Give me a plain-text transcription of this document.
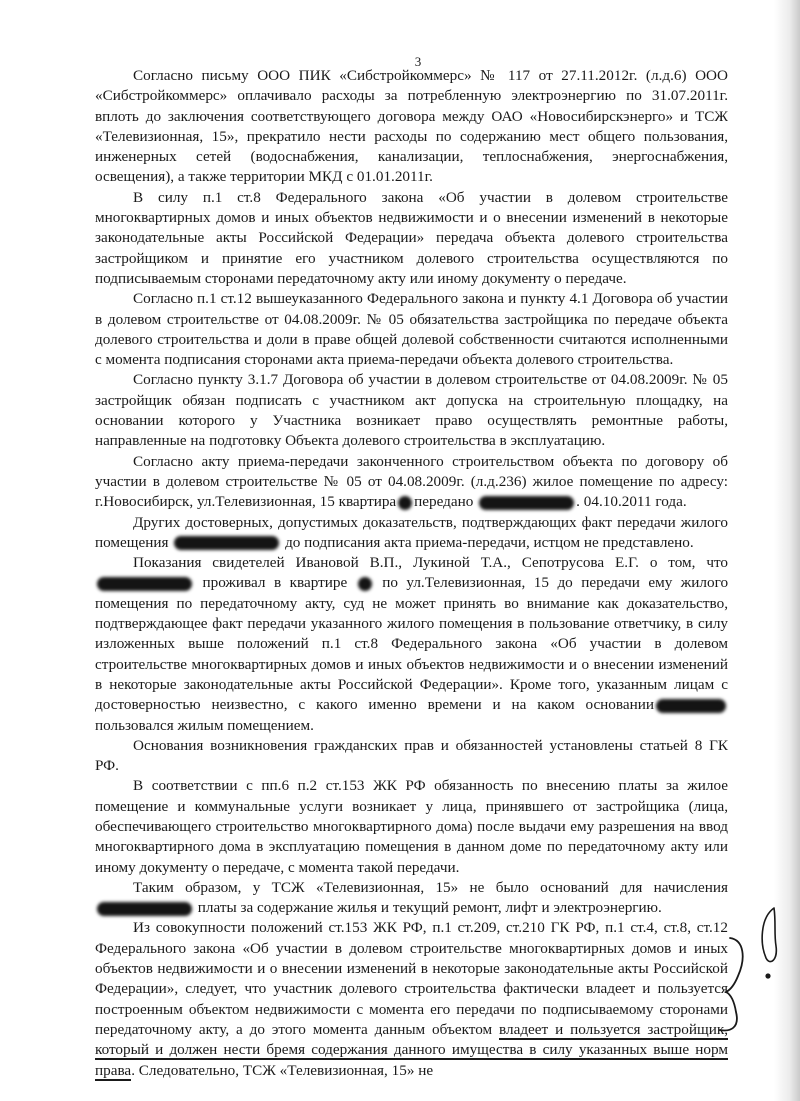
3

Согласно письму ООО ПИК «Сибстройкоммерс» № 117 от 27.11.2012г. (л.д.6) ООО «Сибстройкоммерс» оплачивало расходы за потребленную электроэнергию по 31.07.2011г. вплоть до заключения соответствующего договора между ОАО «Новосибирскэнерго» и ТСЖ «Телевизионная, 15», прекратило нести расходы по содержанию мест общего пользования, инженерных сетей (водоснабжения, канализации, теплоснабжения, энергоснабжения, освещения), а также территории МКД с 01.01.2011г.

В силу п.1 ст.8 Федерального закона «Об участии в долевом строительстве многоквартирных домов и иных объектов недвижимости и о внесении изменений в некоторые законодательные акты Российской Федерации» передача объекта долевого строительства застройщиком и принятие его участником долевого строительства осуществляются по подписываемым сторонами передаточному акту или иному документу о передаче.

Согласно п.1 ст.12 вышеуказанного Федерального закона и пункту 4.1 Договора об участии в долевом строительстве от 04.08.2009г. № 05 обязательства застройщика по передаче объекта долевого строительства и доли в праве общей долевой собственности считаются исполненными с момента подписания сторонами акта приема-передачи объекта долевого строительства.

Согласно пункту 3.1.7 Договора об участии в долевом строительстве от 04.08.2009г. № 05 застройщик обязан подписать с участником акт допуска на строительную площадку, на основании которого у Участника возникает право осуществлять ремонтные работы, направленные на подготовку Объекта долевого строительства в эксплуатацию.

Согласно акту приема-передачи законченного строительством объекта по договору об участии в долевом строительстве № 05 от 04.08.2009г. (л.д.236) жилое помещение по адресу: г.Новосибирск, ул.Телевизионная, 15 квартира передано	. 04.10.2011 года.

Других достоверных, допустимых доказательств, подтверждающих факт передачи жилого помещения	до подписания акта приема-передачи, истцом не представлено.

Показания свидетелей Ивановой В.П., Лукиной Т.А., Сепотрусова Е.Г. о том, что  проживал в квартире по ул.Телевизионная, 15 до передачи ему жилого помещения по передаточному акту, суд не может принять во внимание как доказательство, подтверждающее факт передачи указанного жилого помещения в пользование ответчику, в силу изложенных выше положений п.1 ст.8 Федерального закона «Об участии в долевом строительстве многоквартирных домов и иных объектов недвижимости и о внесении изменений в некоторые законодательные акты Российской Федерации». Кроме того, указанным лицам с достоверностью неизвестно, с какого именно времени и на каком основаниипользовался жилым помещением.

Основания возникновения гражданских прав и обязанностей установлены статьей 8 ГК РФ.

В соответствии с пп.6 п.2 ст.153 ЖК РФ обязанность по внесению платы за жилое помещение и коммунальные услуги возникает у лица, принявшего от застройщика (лица, обеспечивающего строительство многоквартирного дома) после выдачи ему разрешения на ввод многоквартирного дома в эксплуатацию помещения в данном доме по передаточному акту или иному документу о передаче, с момента такой передачи.

Таким образом, у ТСЖ «Телевизионная, 15» не было оснований для начисления  платы за содержание жилья и текущий ремонт, лифт и электроэнергию.

Из совокупности положений ст.153 ЖК РФ, п.1 ст.209, ст.210 ГК РФ, п.1 ст.4, ст.8, ст.12 Федерального закона «Об участии в долевом строительстве многоквартирных домов и иных объектов недвижимости и о внесении изменений в некоторые законодательные акты Российской Федерации», следует, что участник долевого строительства фактически владеет и пользуется построенным объектом недвижимости с момента его передачи по подписываемому сторонами передаточному акту, а до этого момента данным объектом владеет и пользуется застройщик, который и должен нести бремя содержания данного имущества в силу указанных выше норм права. Следовательно, ТСЖ «Телевизионная, 15» не
